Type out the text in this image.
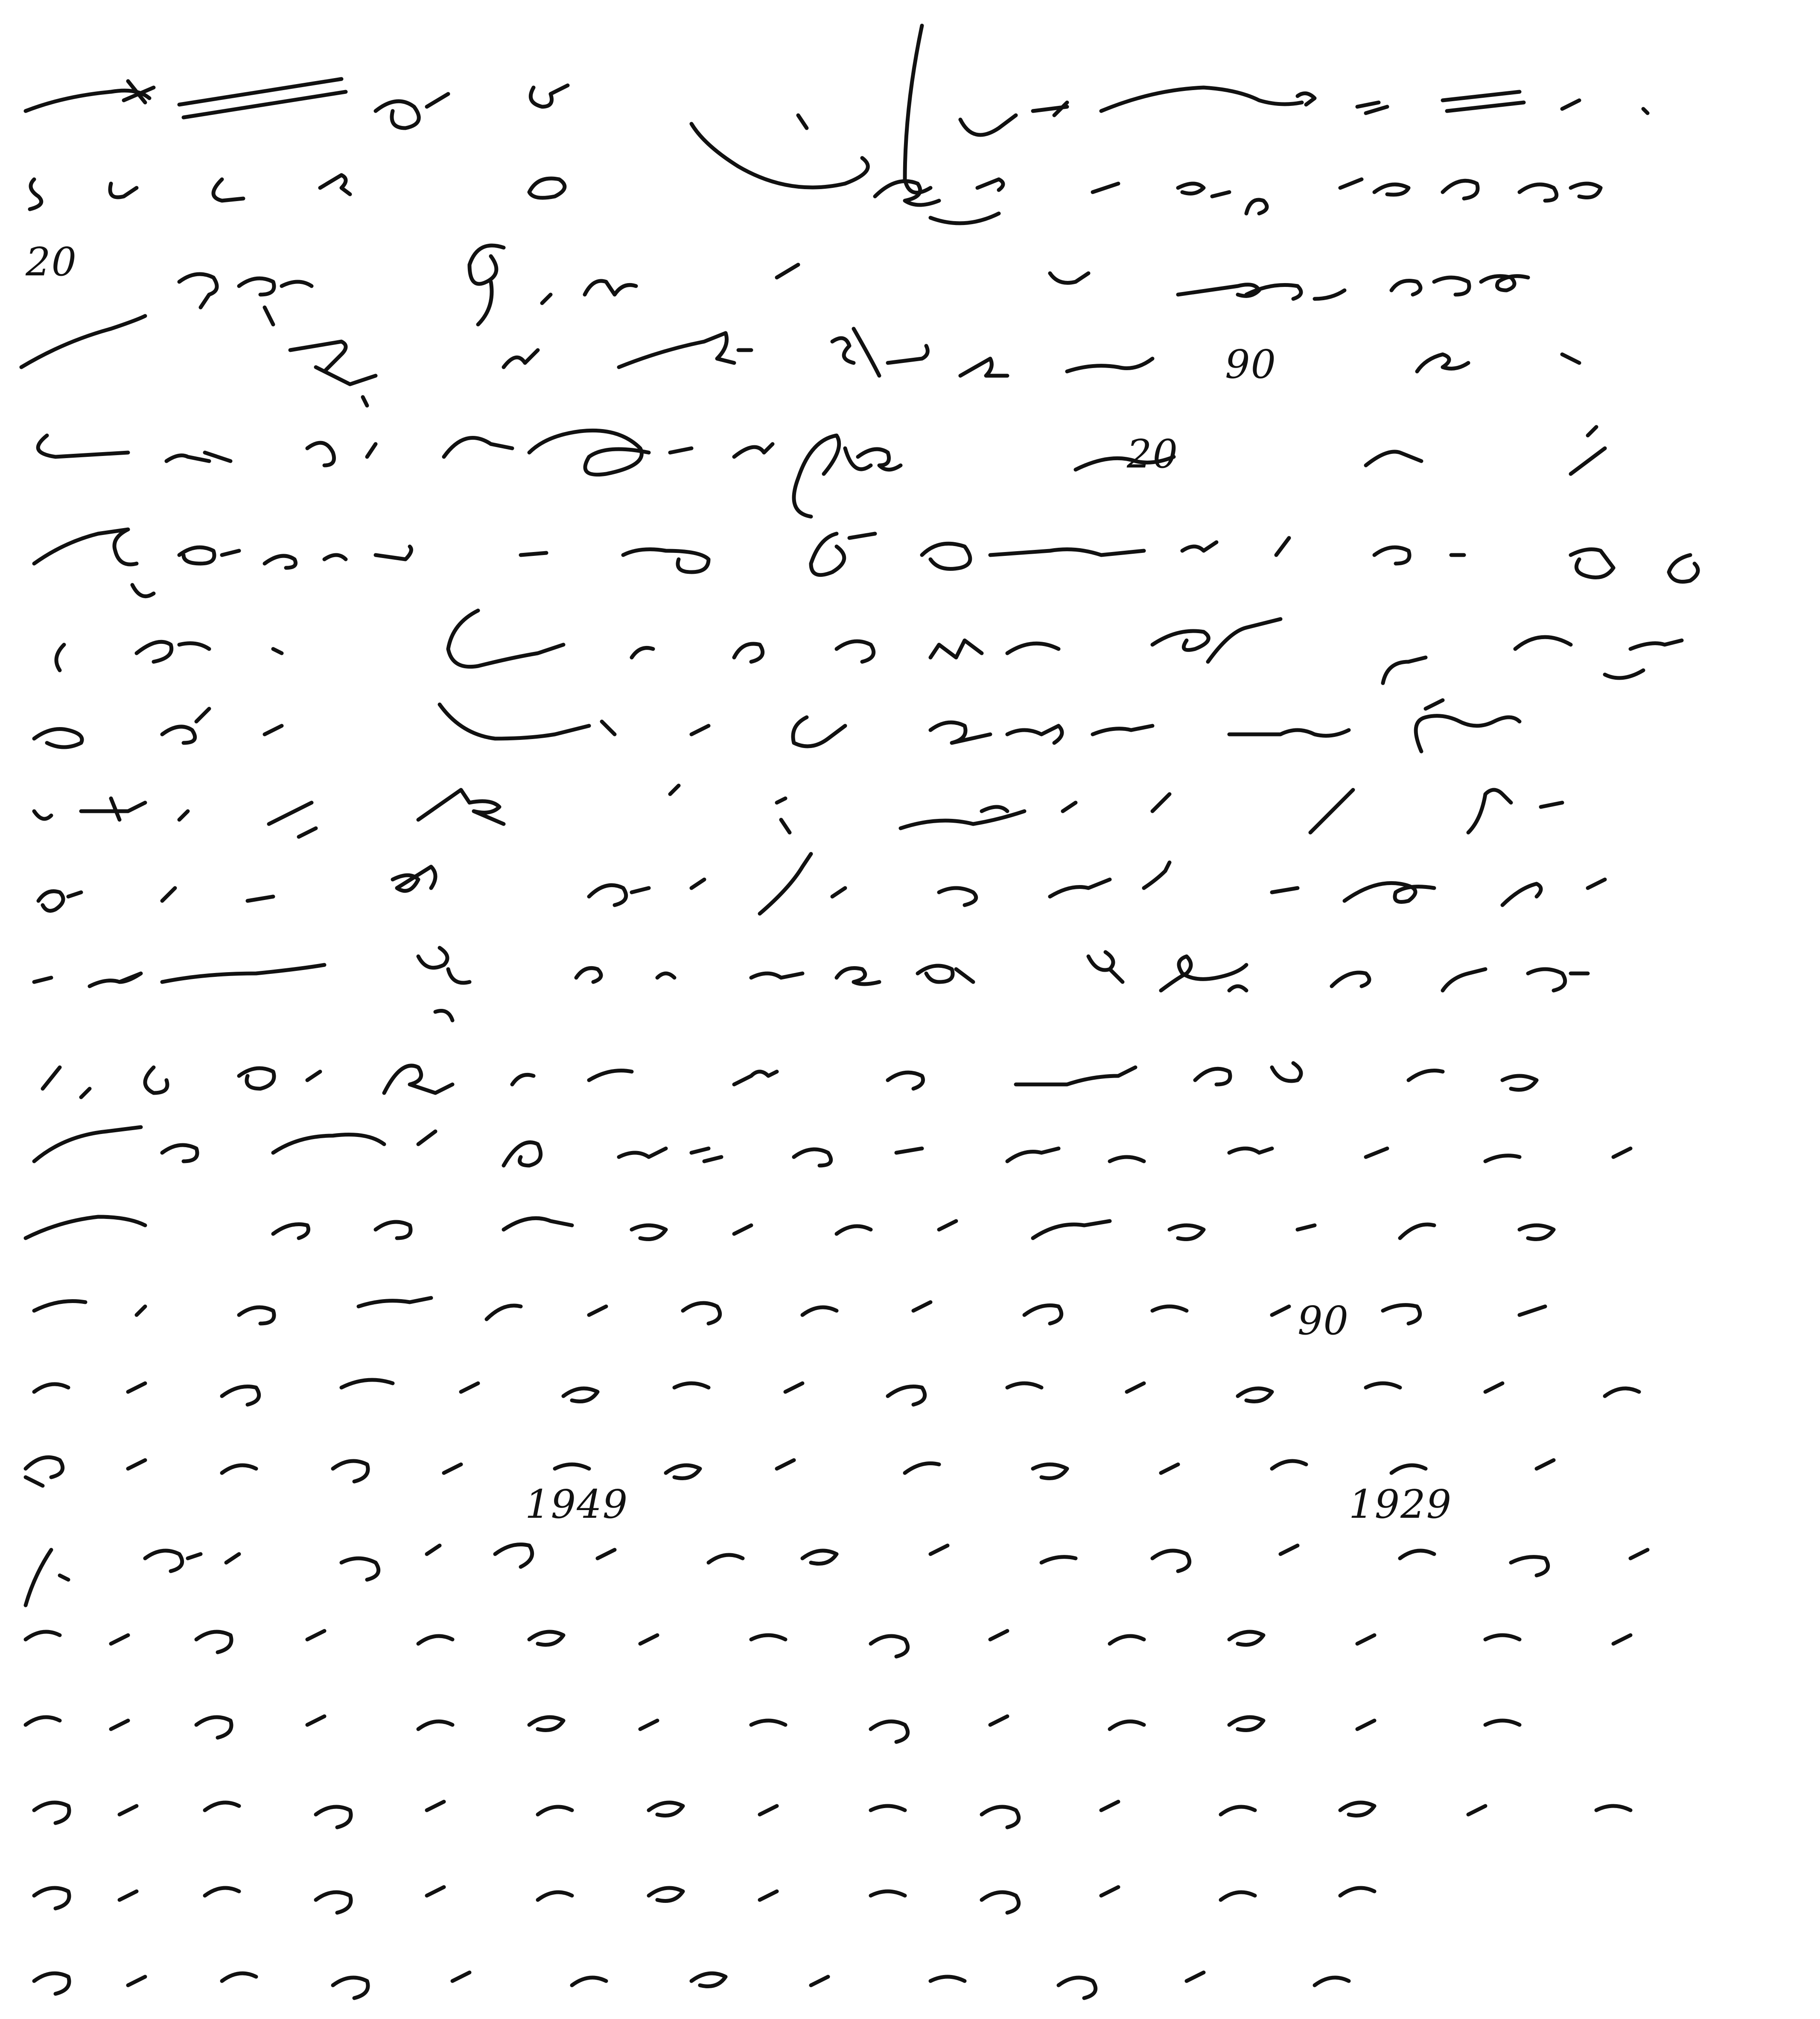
20
90
20
90
1949	1929
